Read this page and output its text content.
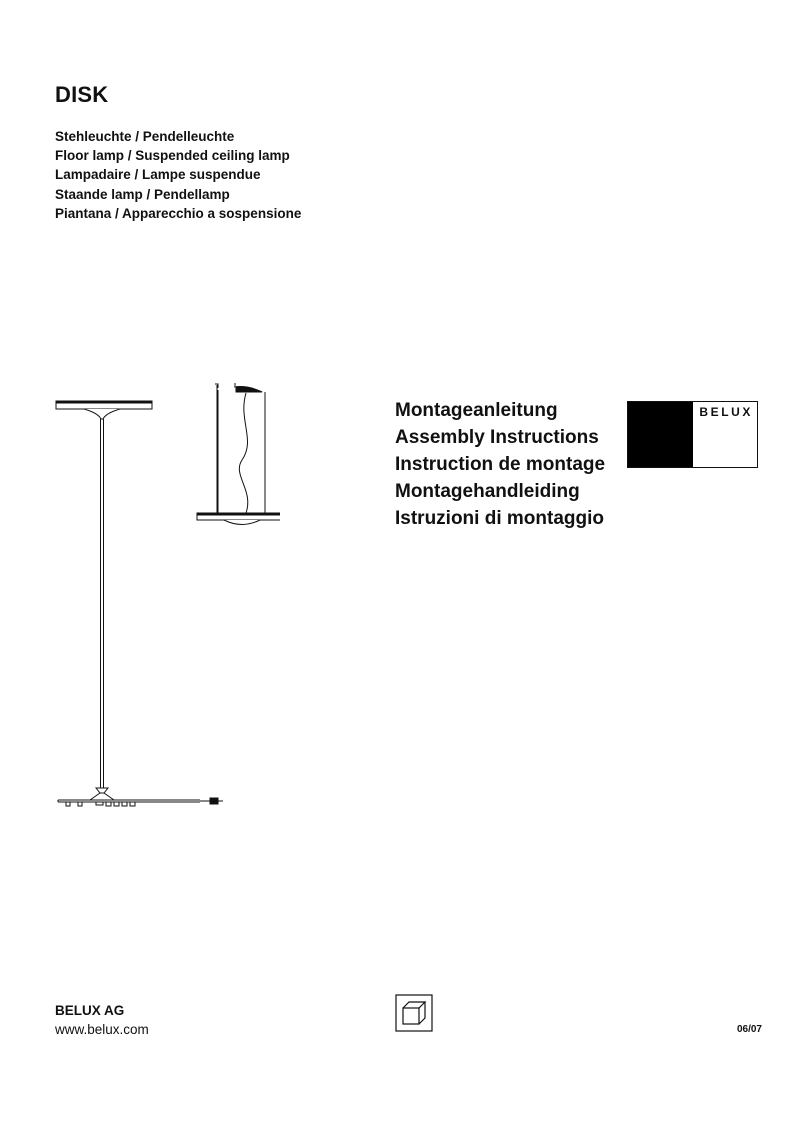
DISK
Stehleuchte / Pendelleuchte
Floor lamp / Suspended ceiling lamp
Lampadaire / Lampe suspendue
Staande lamp / Pendellamp
Piantana / Apparecchio a sospensione
Montageanleitung
Assembly Instructions
Instruction de montage
Montagehandleiding
Istruzioni di montaggio
BELUX
BELUX AG
www.belux.com	06/07
